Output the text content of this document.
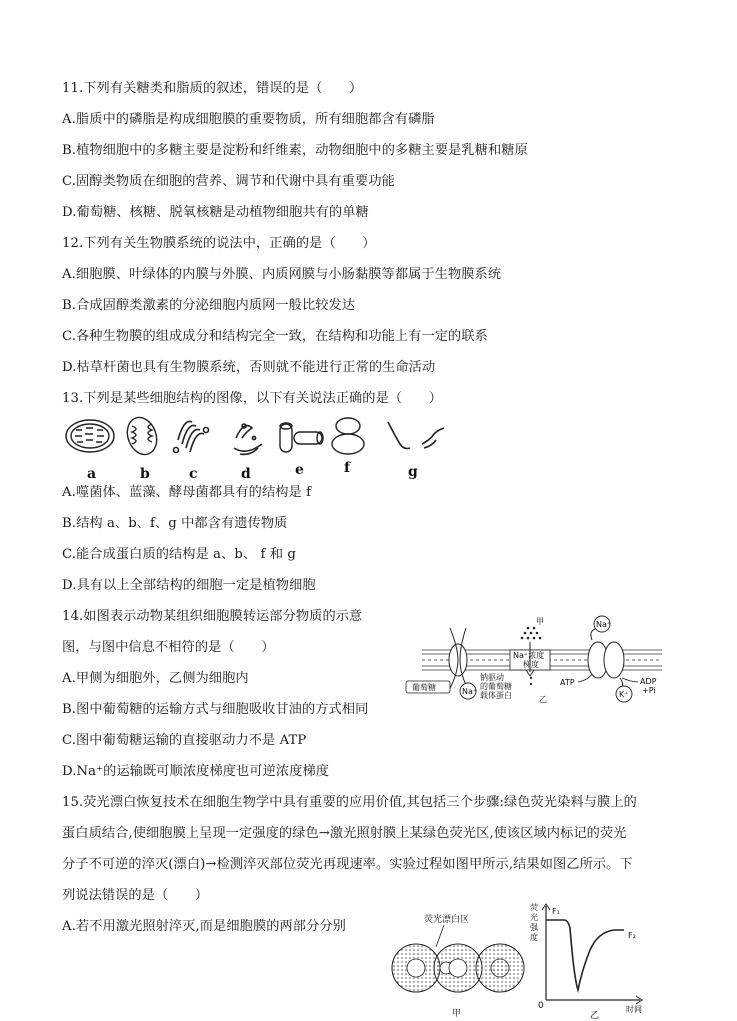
11.下列有关糖类和脂质的叙述，错误的是（　　）
A.脂质中的磷脂是构成细胞膜的重要物质，所有细胞都含有磷脂
B.植物细胞中的多糖主要是淀粉和纤维素，动物细胞中的多糖主要是乳糖和糖原
C.固醇类物质在细胞的营养、调节和代谢中具有重要功能
D.葡萄糖、核糖、脱氧核糖是动植物细胞共有的单糖
12.下列有关生物膜系统的说法中，正确的是（　　）
A.细胞膜、叶绿体的内膜与外膜、内质网膜与小肠黏膜等都属于生物膜系统
B.合成固醇类激素的分泌细胞内质网一般比较发达
C.各种生物膜的组成成分和结构完全一致，在结构和功能上有一定的联系
D.枯草杆菌也具有生物膜系统，否则就不能进行正常的生命活动
13.下列是某些细胞结构的图像，以下有关说法正确的是（　　）
a	b	c	d	e	f	g
A.噬菌体、蓝藻、酵母菌都具有的结构是 f
B.结构 a、b、f、g 中都含有遗传物质
C.能合成蛋白质的结构是 a、b、 f 和 g
D.具有以上全部结构的细胞一定是植物细胞
14.如图表示动物某组织细胞膜转运部分物质的示意
图，与图中信息不相符的是（　　）
A.甲侧为细胞外，乙侧为细胞内
B.图中葡萄糖的运输方式与细胞吸收甘油的方式相同
C.图中葡萄糖运输的直接驱动力不是 ATP
D.Na⁺的运输既可顺浓度梯度也可逆浓度梯度
甲
Na⁺浓度
梯度
葡萄糖	Na⁺
钠驱动
的葡萄糖
载体蛋白	乙
Na⁺
K⁺
ATP	ADP
+Pi
15.荧光漂白恢复技术在细胞生物学中具有重要的应用价值,其包括三个步骤:绿色荧光染料与膜上的
蛋白质结合,使细胞膜上呈现一定强度的绿色→激光照射膜上某绿色荧光区,使该区域内标记的荧光
分子不可逆的淬灭(漂白)→检测淬灭部位荧光再现速率。实验过程如图甲所示,结果如图乙所示。下
列说法错误的是（　　）
A.若不用激光照射淬灭,而是细胞膜的两部分分别	荧光漂白区
甲
荧
光
强
度
F₁
F₂
0	时间
乙
